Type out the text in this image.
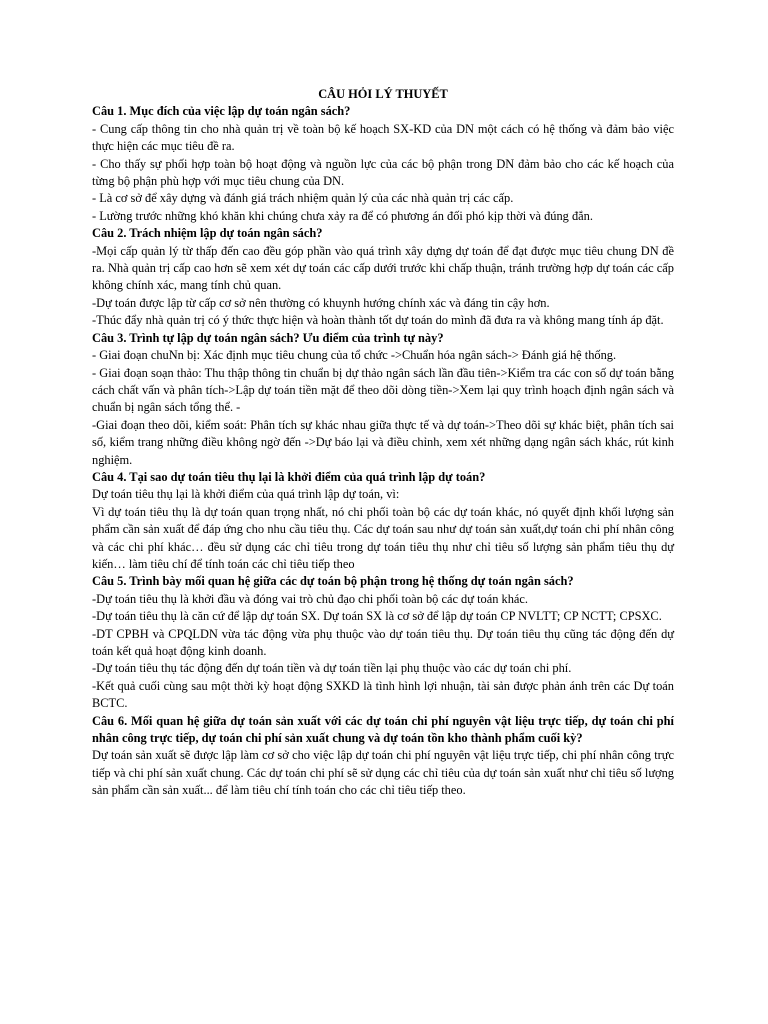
CÂU HỎI LÝ THUYẾT

Câu 1. Mục đích của việc lập dự toán ngân sách?

- Cung cấp thông tin cho nhà quản trị về toàn bộ kế hoạch SX-KD của DN một cách có hệ thống và đảm bảo việc thực hiện các mục tiêu đề ra.

- Cho thấy sự phối hợp toàn bộ hoạt động và nguồn lực của các bộ phận trong DN đảm bảo cho các kế hoạch của từng bộ phận phù hợp với mục tiêu chung của DN.

- Là cơ sở để xây dựng và đánh giá trách nhiệm quản lý của các nhà quản trị các cấp.

- Lường trước những khó khăn khi chúng chưa xảy ra để có phương án đối phó kịp thời và đúng đắn.

Câu 2. Trách nhiệm lập dự toán ngân sách?

-Mọi cấp quản lý từ thấp đến cao đều góp phần vào quá trình xây dựng dự toán để đạt được mục tiêu chung DN đề ra. Nhà quản trị cấp cao hơn sẽ xem xét dự toán các cấp dưới trước khi chấp thuận, tránh trường hợp dự toán các cấp không chính xác, mang tính chủ quan.

-Dự toán được lập từ cấp cơ sở nên thường có khuynh hướng chính xác và đáng tin cậy hơn.

-Thúc đẩy nhà quản trị có ý thức thực hiện và hoàn thành tốt dự toán do mình đã đưa ra và không mang tính áp đặt.

Câu 3. Trình tự lập dự toán ngân sách? Ưu điểm của trình tự này?

- Giai đoạn chuNn bị: Xác định mục tiêu chung của tổ chức ->Chuẩn hóa ngân sách-> Đánh giá hệ thống.

- Giai đoạn soạn thảo: Thu thập thông tin chuẩn bị dự thảo ngân sách lần đầu tiên->Kiểm tra các con số dự toán bằng cách chất vấn và phân tích->Lập dự toán tiền mặt để theo dõi dòng tiền->Xem lại quy trình hoạch định ngân sách và chuẩn bị ngân sách tổng thể. -

-Giai đoạn theo dõi, kiểm soát: Phân tích sự khác nhau giữa thực tế và dự toán->Theo dõi sự khác biệt, phân tích sai số, kiểm trang những điều không ngờ đến ->Dự báo lại và điều chỉnh, xem xét những dạng ngân sách khác, rút kinh nghiệm.

Câu 4. Tại sao dự toán tiêu thụ lại là khởi điểm của quá trình lập dự toán?

Dự toán tiêu thụ lại là khởi điểm của quá trình lập dự toán, vì:

Vì dự toán tiêu thụ là dự toán quan trọng nhất, nó chi phối toàn bộ các dự toán khác, nó quyết định khối lượng sản phẩm cần sản xuất để đáp ứng cho nhu cầu tiêu thụ. Các dự toán sau như dự toán sản xuất,dự toán chi phí nhân công và các chi phí khác… đều sử dụng các chỉ tiêu trong dự toán tiêu thụ như chỉ tiêu số lượng sản phẩm tiêu thụ dự kiến… làm tiêu chí để tính toán các chỉ tiêu tiếp theo

Câu 5. Trình bày mối quan hệ giữa các dự toán bộ phận trong hệ thống dự toán ngân sách?

-Dự toán tiêu thụ là khởi đầu và đóng vai trò chủ đạo chi phối toàn bộ các dự toán khác.

-Dự toán tiêu thụ là căn cứ để lập dự toán SX. Dự toán SX là cơ sở để lập dự toán CP NVLTT; CP NCTT; CPSXC.

-DT CPBH và CPQLDN vừa tác động vừa phụ thuộc vào dự toán tiêu thụ. Dự toán tiêu thụ cũng tác động đến dự toán kết quả hoạt động kinh doanh.

-Dự toán tiêu thụ tác động đến dự toán tiền và dự toán tiền lại phụ thuộc vào các dự toán chi phí.

-Kết quả cuối cùng sau một thời kỳ hoạt động SXKD là tình hình lợi nhuận, tài sản được phản ánh trên các Dự toán BCTC.

Câu 6. Mối quan hệ giữa dự toán sản xuất với các dự toán chi phí nguyên vật liệu trực tiếp, dự toán chi phí nhân công trực tiếp, dự toán chi phí sản xuất chung và dự toán tồn kho thành phẩm cuối kỳ?

Dự toán sản xuất sẽ được lập làm cơ sở cho việc lập dự toán chi phí nguyên vật liệu trực tiếp, chi phí nhân công trực tiếp và chi phí sản xuất chung. Các dự toán chi phí sẽ sử dụng các chỉ tiêu của dự toán sản xuất như chỉ tiêu số lượng sản phẩm cần sản xuất... để làm tiêu chí tính toán cho các chỉ tiêu tiếp theo.
